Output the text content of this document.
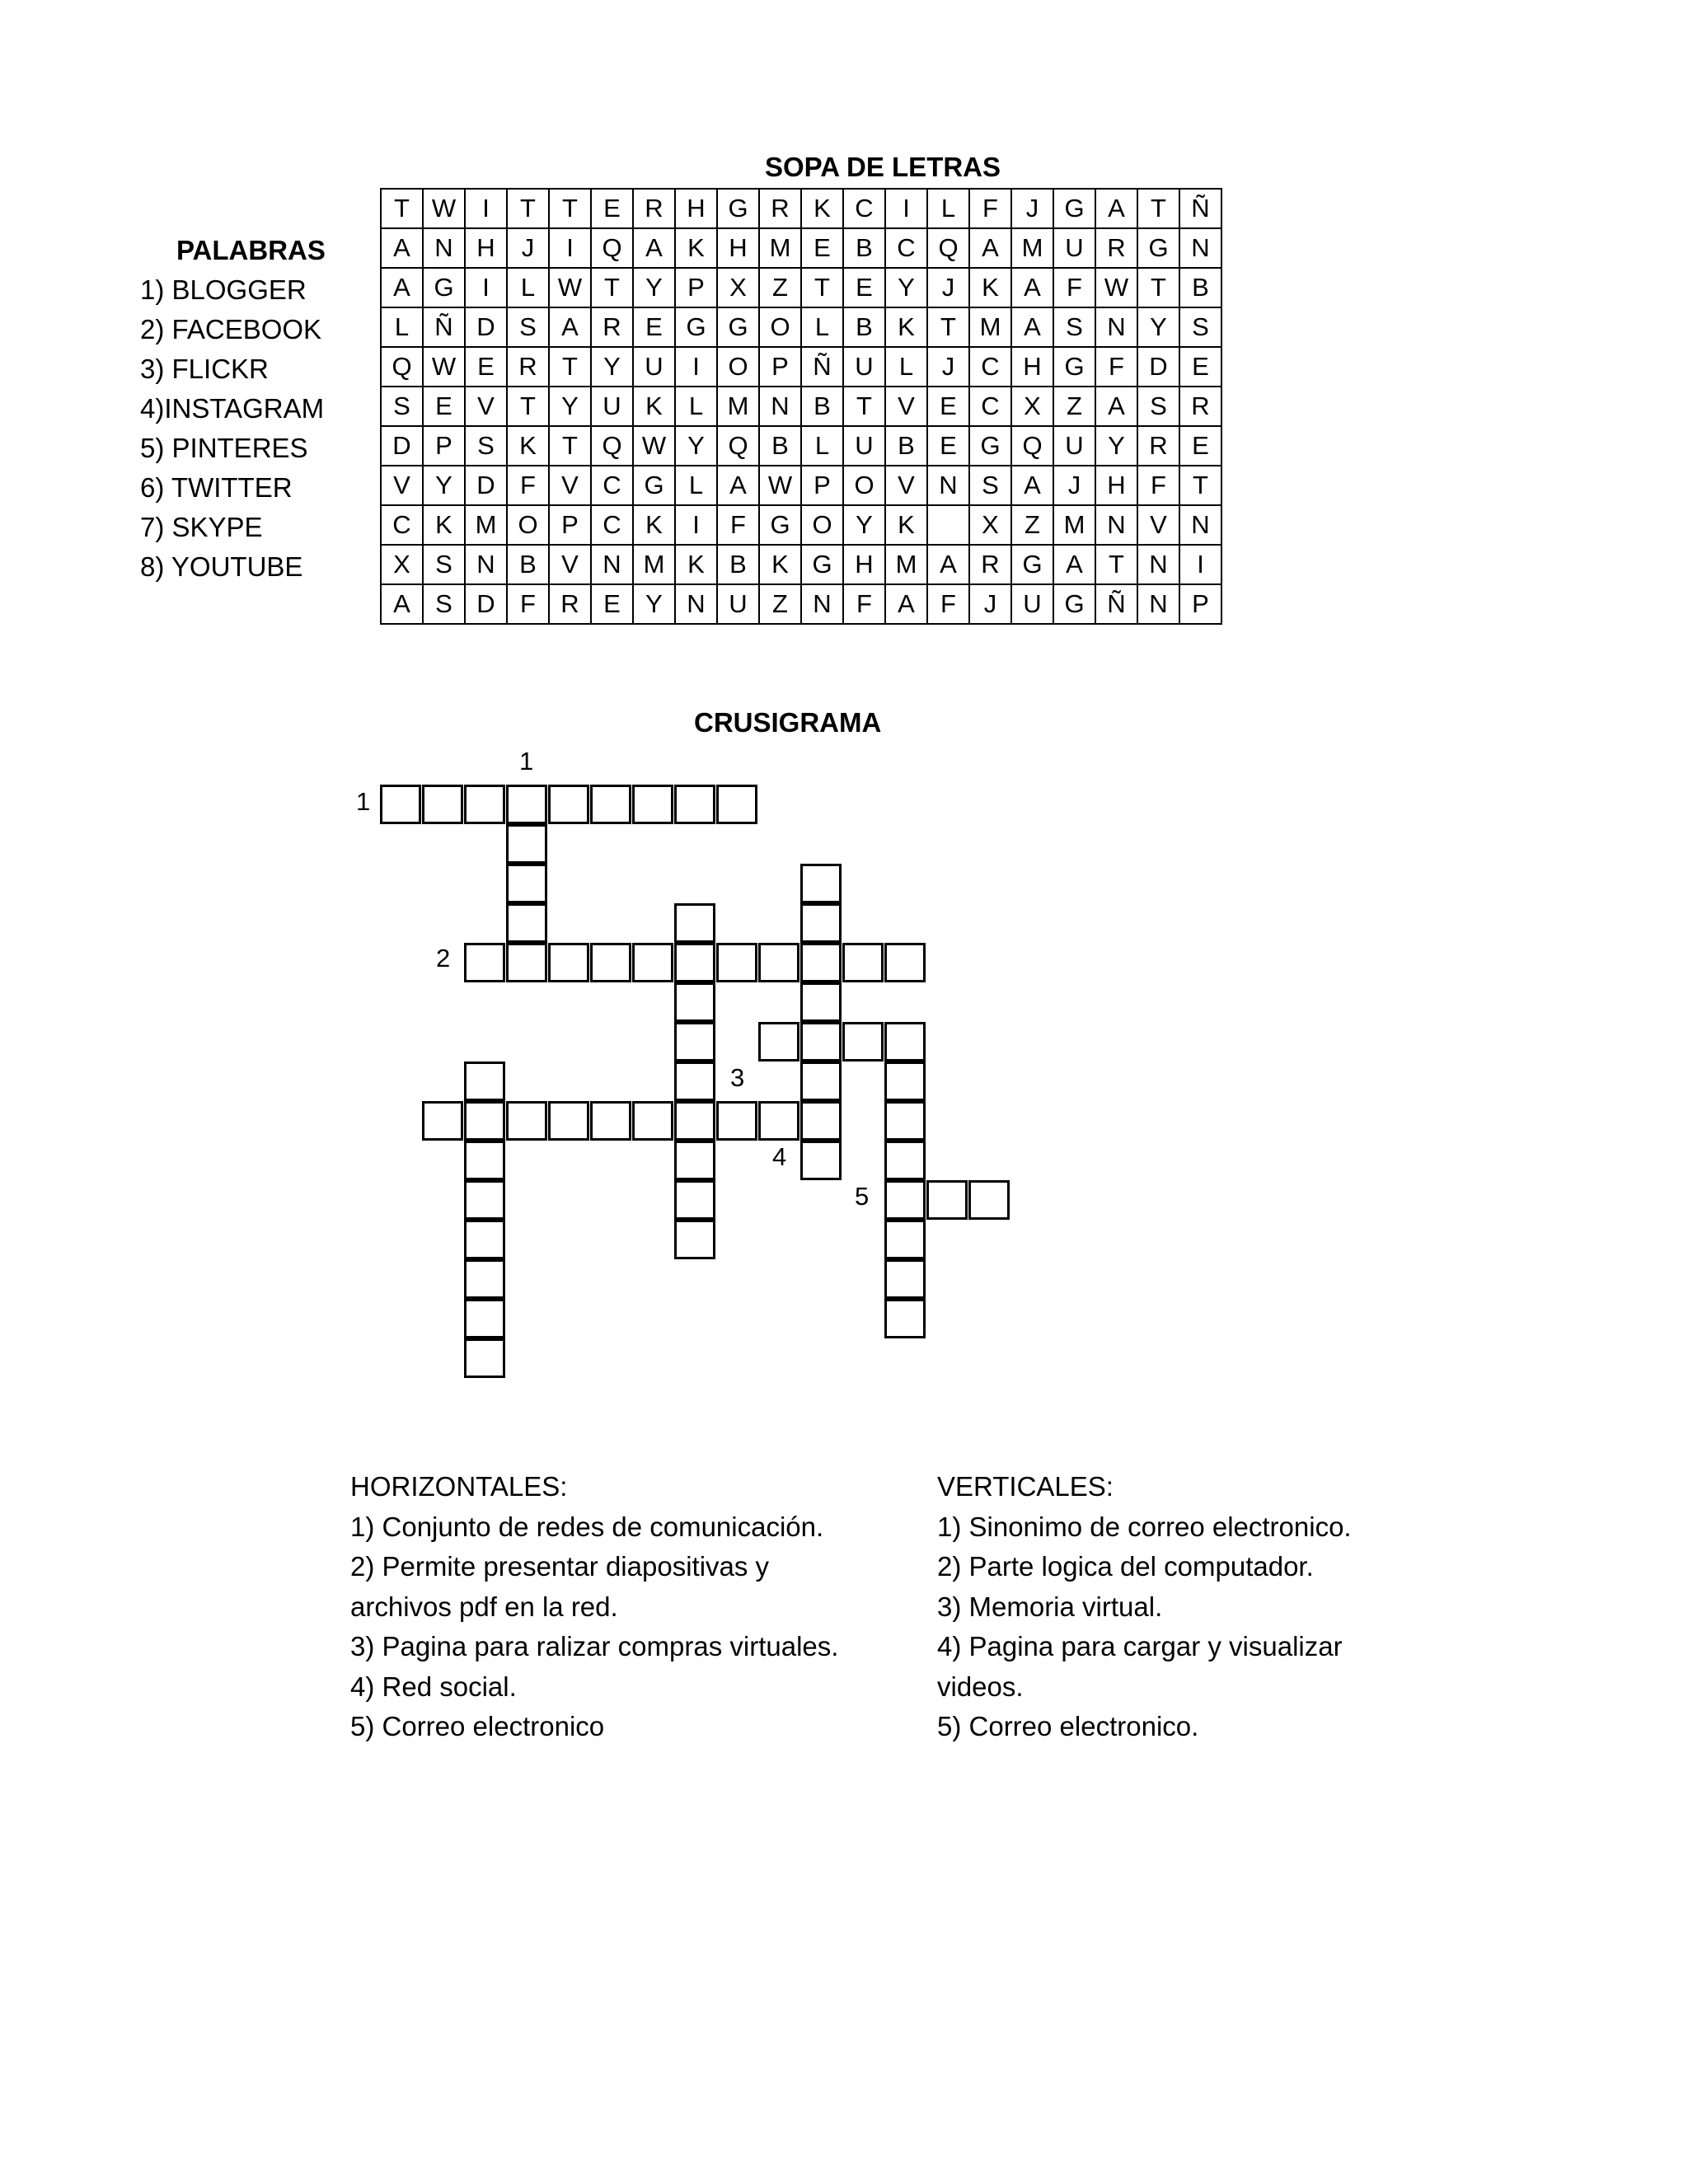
SOPA DE LETRAS
PALABRAS
1) BLOGGER
2) FACEBOOK
3) FLICKR
4)INSTAGRAM
5) PINTERES
6) TWITTER
7) SKYPE
8) YOUTUBE
T	W	I	T	T	E	R	H	G	R	K	C	I	L	F	J	G	A	T	Ñ
A	N	H	J	I	Q	A	K	H	M	E	B	C	Q	A	M	U	R	G	N
A	G	I	L	W	T	Y	P	X	Z	T	E	Y	J	K	A	F	W	T	B
L	Ñ	D	S	A	R	E	G	G	O	L	B	K	T	M	A	S	N	Y	S
Q	W	E	R	T	Y	U	I	O	P	Ñ	U	L	J	C	H	G	F	D	E
S	E	V	T	Y	U	K	L	M	N	B	T	V	E	C	X	Z	A	S	R
D	P	S	K	T	Q	W	Y	Q	B	L	U	B	E	G	Q	U	Y	R	E
V	Y	D	F	V	C	G	L	A	W	P	O	V	N	S	A	J	H	F	T
C	K	M	O	P	C	K	I	F	G	O	Y	K		X	Z	M	N	V	N
X	S	N	B	V	N	M	K	B	K	G	H	M	A	R	G	A	T	N	I
A	S	D	F	R	E	Y	N	U	Z	N	F	A	F	J	U	G	Ñ	N	P
CRUSIGRAMA
1
1
2
3
4
5
HORIZONTALES:
1) Conjunto de redes de comunicación.
2) Permite presentar diapositivas y archivos pdf en la red.
3) Pagina para ralizar compras virtuales.
4) Red social.
5) Correo electronico
VERTICALES:
1) Sinonimo de correo electronico.
2) Parte logica del computador.
3) Memoria virtual.
4) Pagina para cargar y visualizar videos.
5) Correo electronico.
